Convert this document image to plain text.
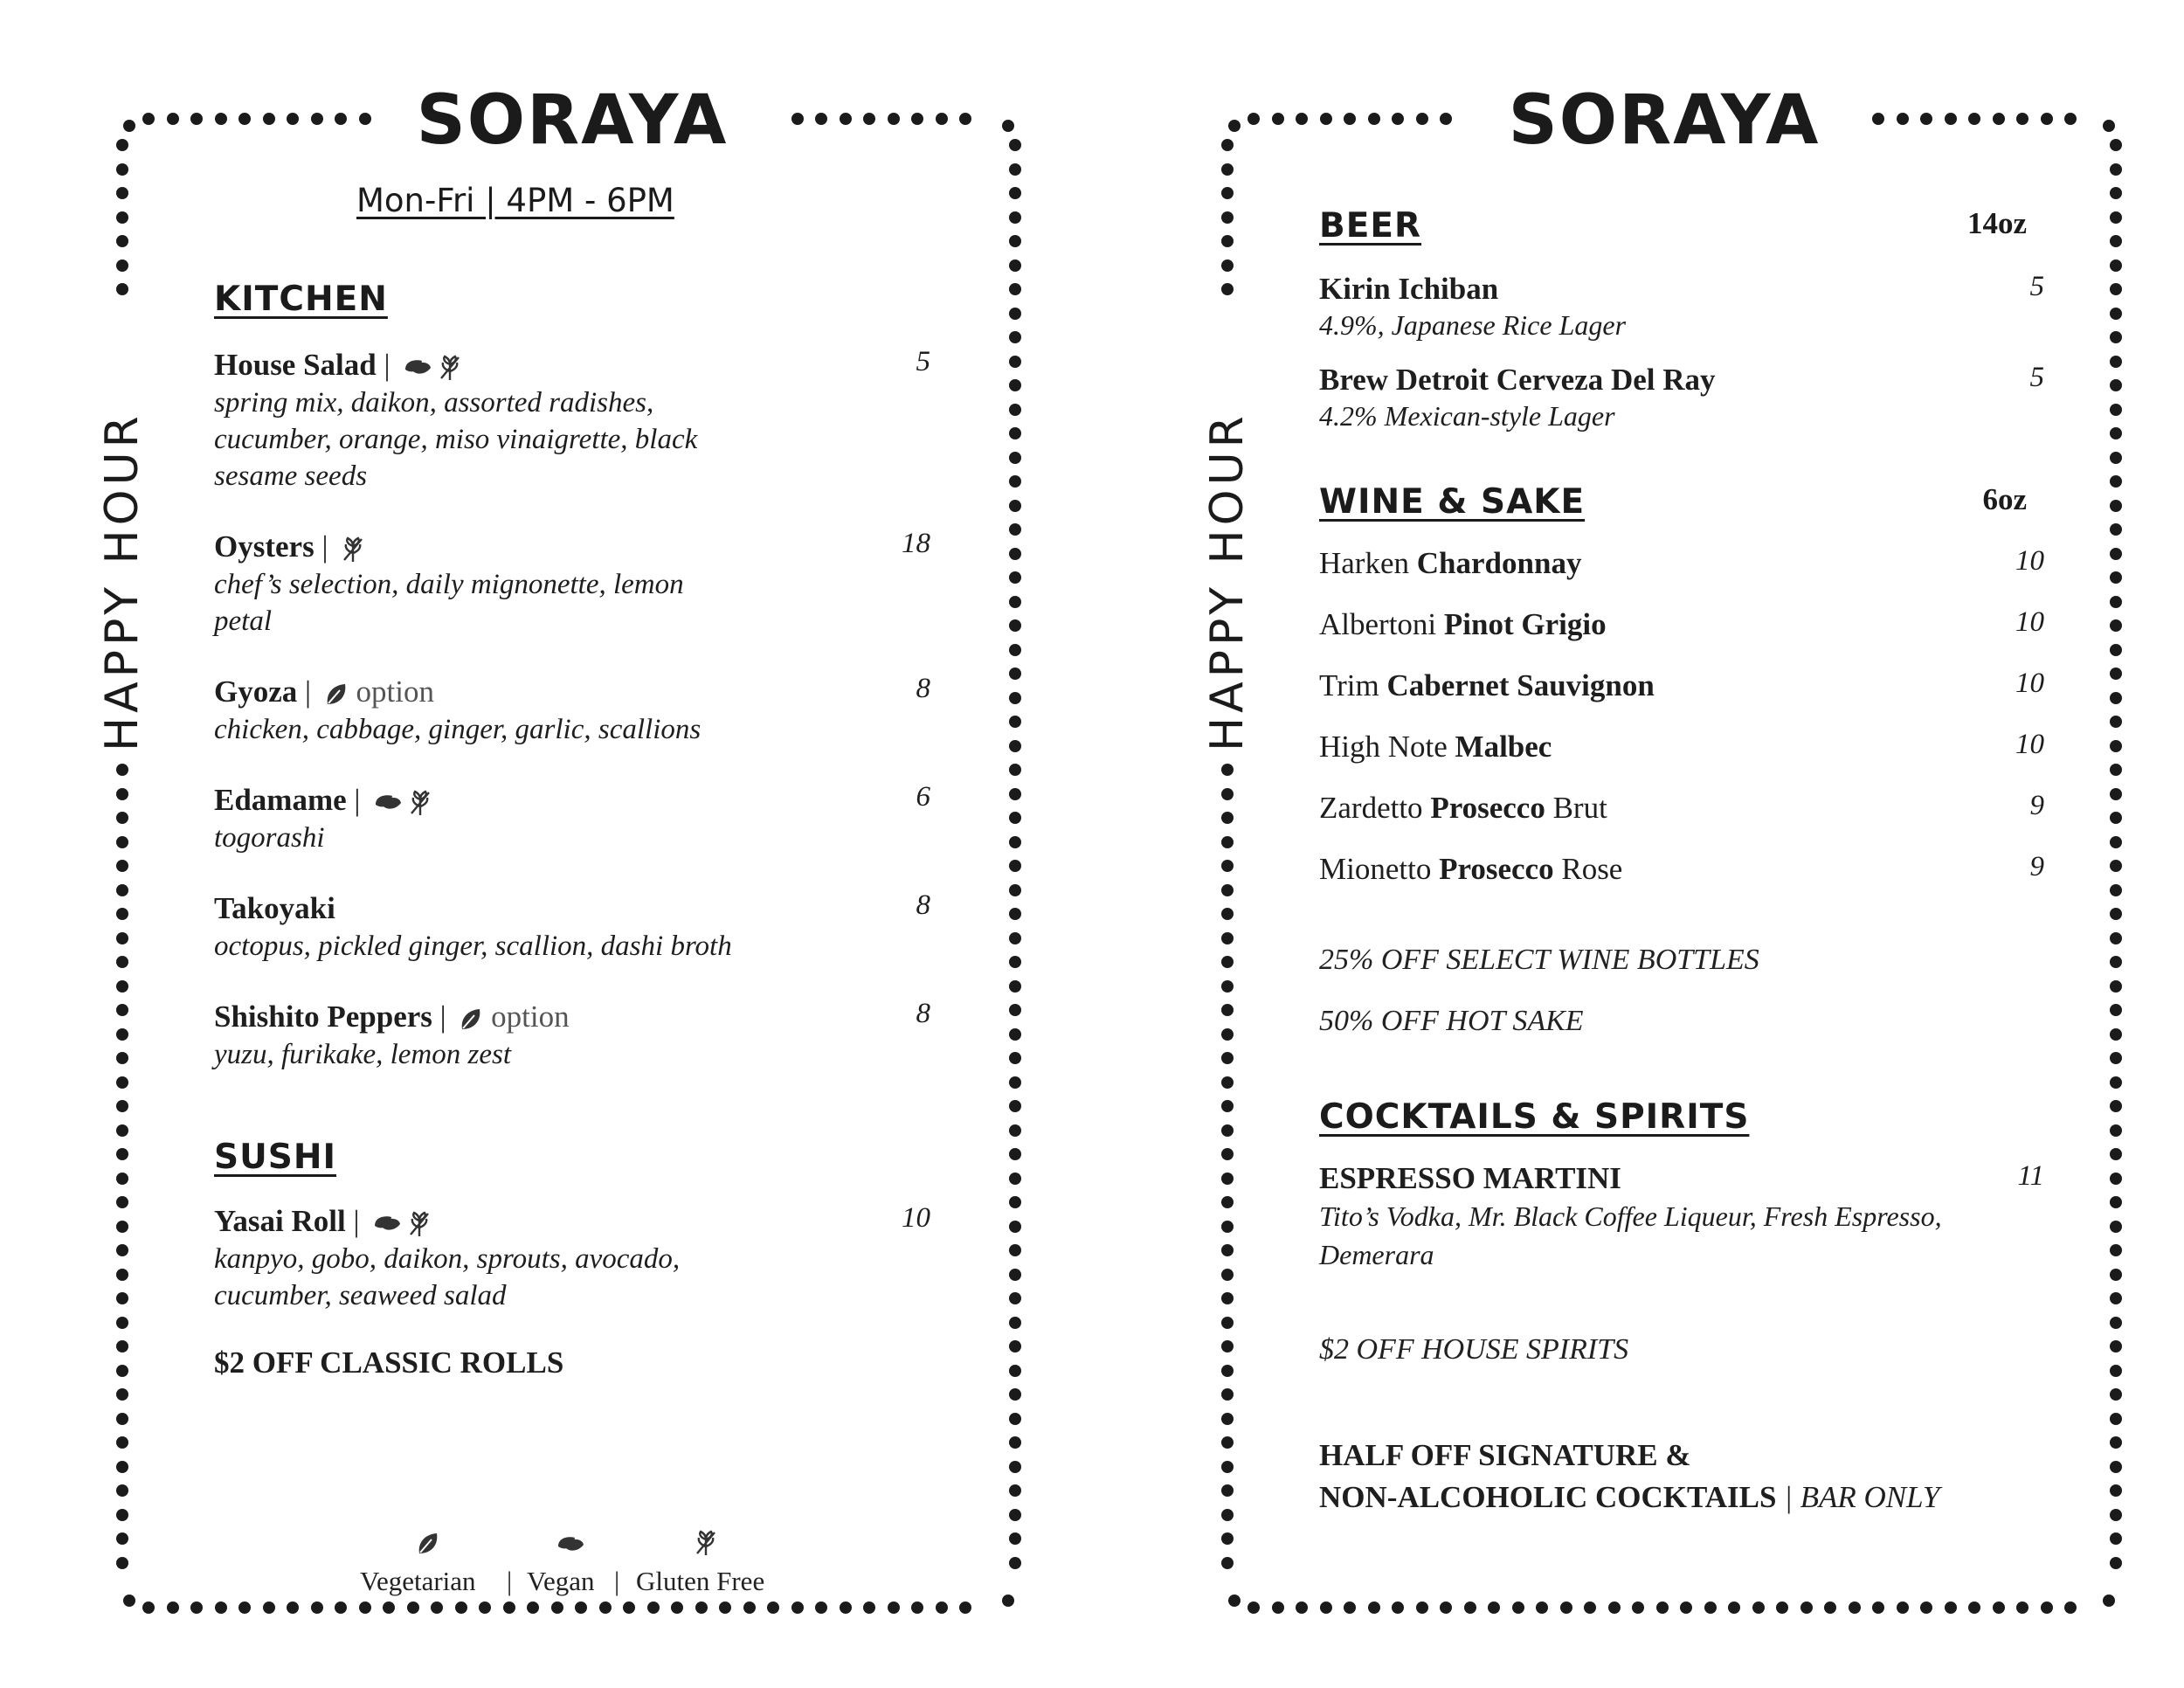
SORAYA
HAPPY HOUR
Mon-Fri | 4PM - 6PM
KITCHEN
House Salad |
spring mix, daikon, assorted radishes, cucumber, orange, miso vinaigrette, black sesame seeds
5
Oysters |
chef’s selection, daily mignonette, lemon petal
18
Gyoza | option
chicken, cabbage, ginger, garlic, scallions
8
Edamame |
togorashi
6
Takoyaki
octopus, pickled ginger, scallion, dashi broth
8
Shishito Peppers | option
yuzu, furikake, lemon zest
8
SUSHI
Yasai Roll |
kanpyo, gobo, daikon, sprouts, avocado, cucumber, seaweed salad
10
$2 OFF CLASSIC ROLLS
Vegetarian | Vegan | Gluten Free
SORAYA
HAPPY HOUR
BEER	14oz
Kirin Ichiban
4.9%, Japanese Rice Lager
5
Brew Detroit Cerveza Del Ray
4.2% Mexican-style Lager
5
WINE & SAKE	6oz
Harken Chardonnay	10
Albertoni Pinot Grigio	10
Trim Cabernet Sauvignon	10
High Note Malbec	10
Zardetto Prosecco Brut	9
Mionetto Prosecco Rose	9
25% OFF SELECT WINE BOTTLES
50% OFF HOT SAKE
COCKTAILS & SPIRITS
ESPRESSO MARTINI
Tito’s Vodka, Mr. Black Coffee Liqueur, Fresh Espresso, Demerara
11
$2 OFF HOUSE SPIRITS
HALF OFF SIGNATURE &
NON-ALCOHOLIC COCKTAILS | BAR ONLY
